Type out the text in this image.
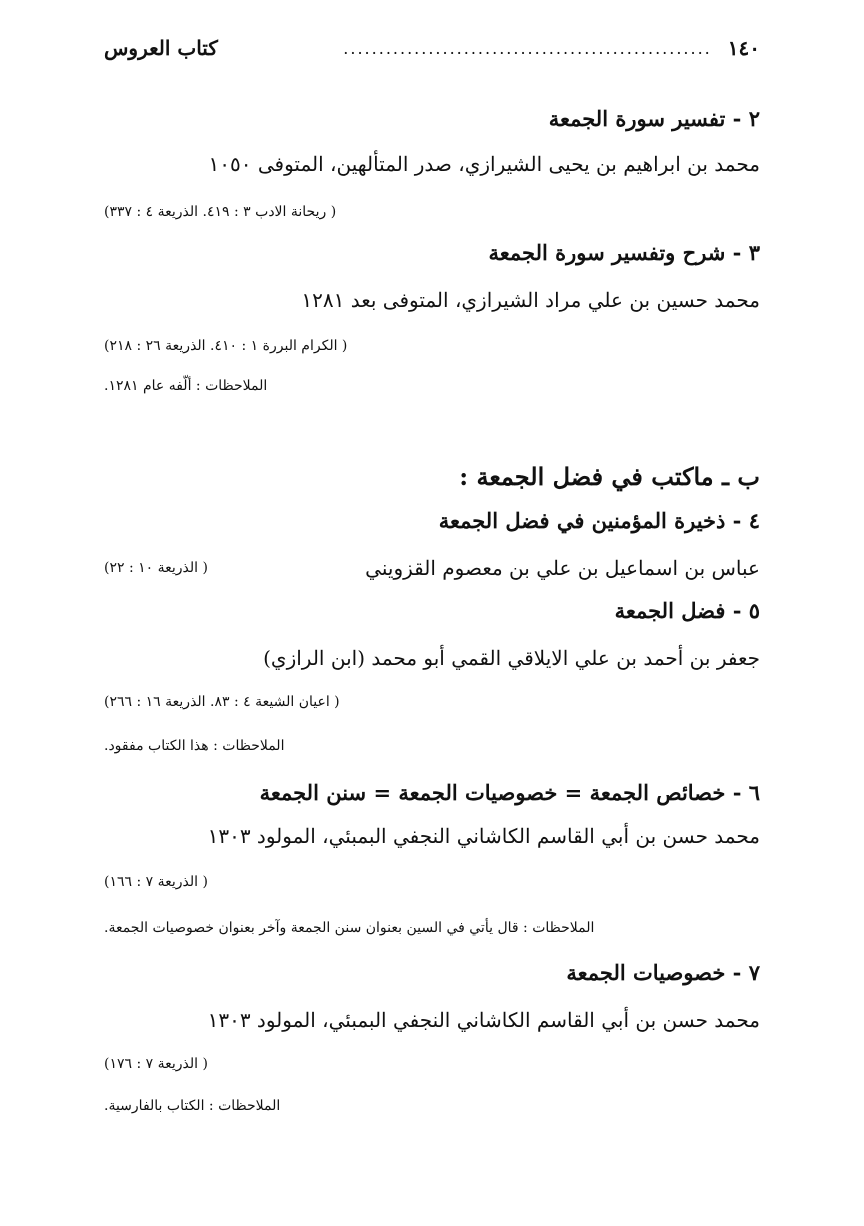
١٤٠
....................................................
كتاب العروس
٢ - تفسير سورة الجمعة
محمد بن ابراهيم بن يحيى الشيرازي، صدر المتألهين، المتوفى ١٠٥٠
( ريحانة الادب ٣ : ٤١٩. الذريعة ٤ : ٣٣٧)
٣ - شرح وتفسير سورة الجمعة
محمد حسين بن علي مراد الشيرازي، المتوفى بعد ١٢٨١
( الكرام البررة ١ : ٤١٠. الذريعة ٢٦ : ٢١٨)
الملاحظات : ألّفه عام ١٢٨١.
ب ـ ماكتب في فضل الجمعة :
٤ - ذخيرة المؤمنين في فضل الجمعة
عباس بن اسماعيل بن علي بن معصوم القزويني
( الذريعة ١٠ : ٢٢)
٥ - فضل الجمعة
جعفر بن أحمد بن علي الايلاقي القمي أبو محمد (ابن الرازي)
( اعيان الشيعة ٤ : ٨٣. الذريعة ١٦ : ٢٦٦)
الملاحظات : هذا الكتاب مفقود.
٦ - خصائص الجمعة = خصوصيات الجمعة = سنن الجمعة
محمد حسن بن أبي القاسم الكاشاني النجفي البمبئي، المولود ١٣٠٣
( الذريعة ٧ : ١٦٦)
الملاحظات : قال يأتي في السين بعنوان سنن الجمعة وآخر بعنوان خصوصيات الجمعة.
٧ - خصوصيات الجمعة
محمد حسن بن أبي القاسم الكاشاني النجفي البمبئي، المولود ١٣٠٣
( الذريعة ٧ : ١٧٦)
الملاحظات : الكتاب بالفارسية.
